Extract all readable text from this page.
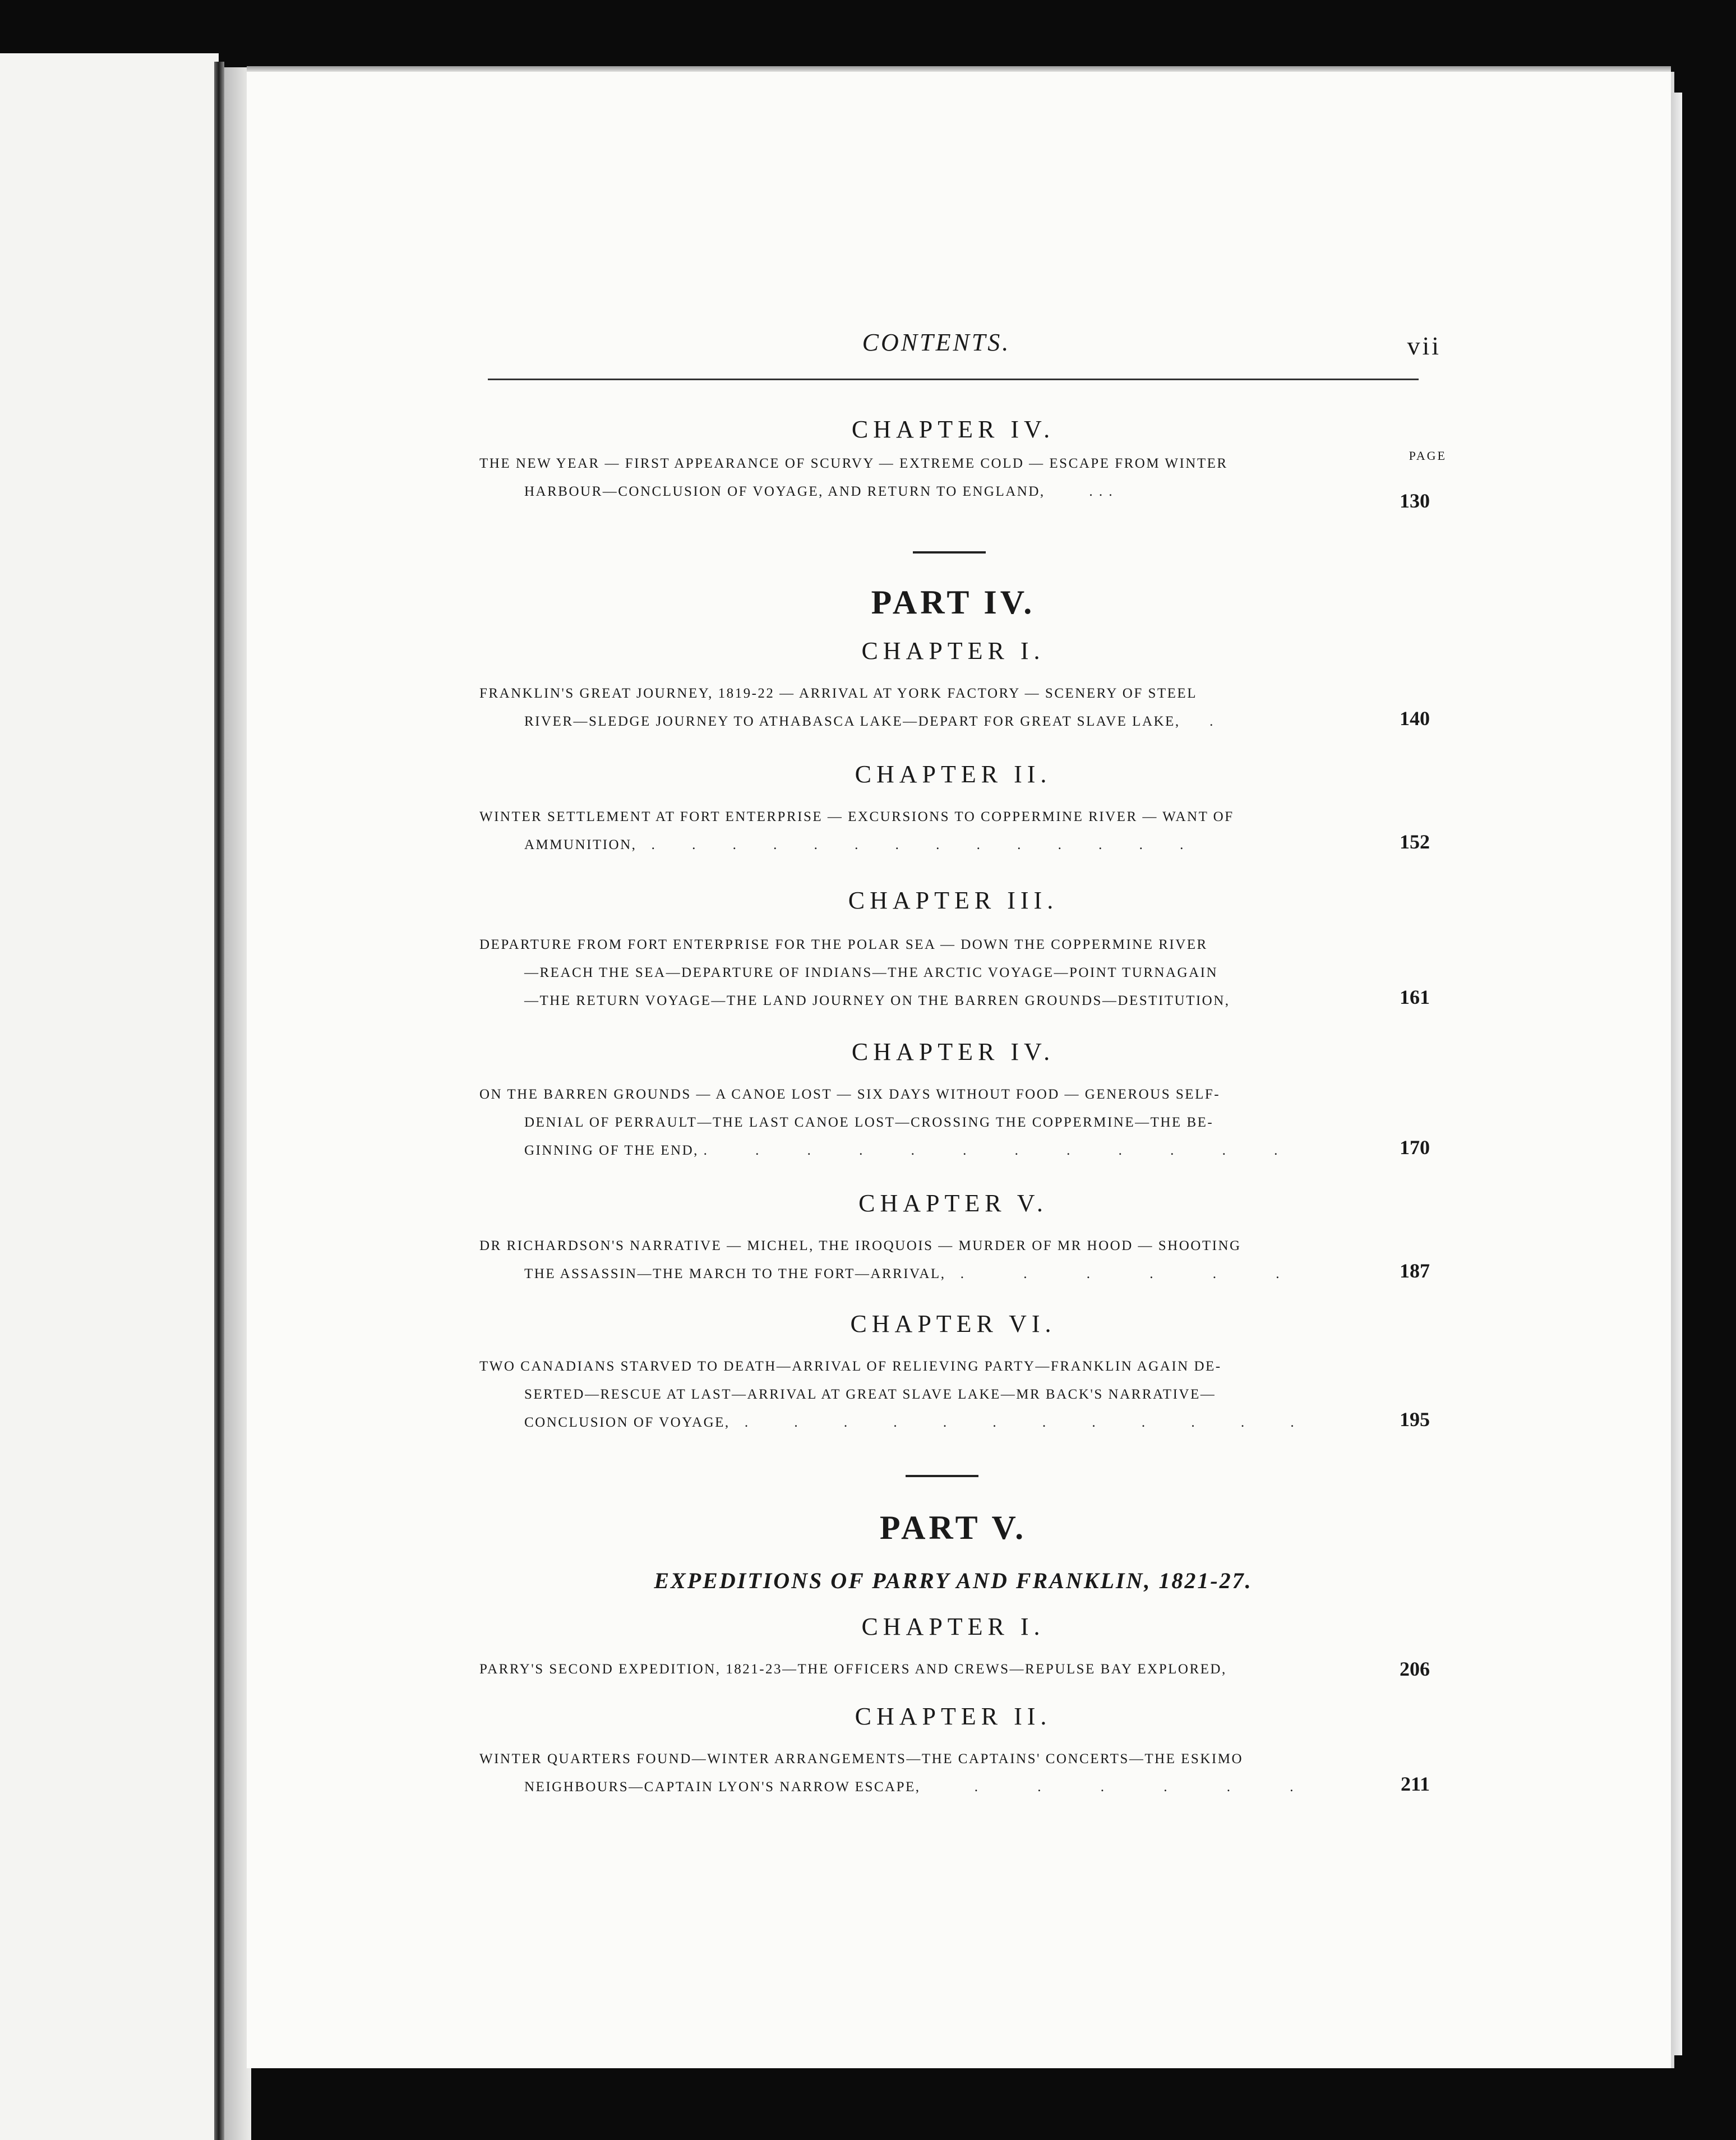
CONTENTS.	vii
PAGE
CHAPTER IV.
THE NEW YEAR — FIRST APPEARANCE OF SCURVY — EXTREME COLD — ESCAPE FROM WINTER
HARBOUR—CONCLUSION OF VOYAGE, AND RETURN TO ENGLAND,	. . .	130
PART IV.
CHAPTER I.
FRANKLIN'S GREAT JOURNEY, 1819-22 — ARRIVAL AT YORK FACTORY — SCENERY OF STEEL
RIVER—SLEDGE JOURNEY TO ATHABASCA LAKE—DEPART FOR GREAT SLAVE LAKE, .	140
CHAPTER II.
WINTER SETTLEMENT AT FORT ENTERPRISE — EXCURSIONS TO COPPERMINE RIVER — WANT OF
AMMUNITION, . . . . . . . . . . . . . .	152
CHAPTER III.
DEPARTURE FROM FORT ENTERPRISE FOR THE POLAR SEA — DOWN THE COPPERMINE RIVER
—REACH THE SEA—DEPARTURE OF INDIANS—THE ARCTIC VOYAGE—POINT TURNAGAIN
—THE RETURN VOYAGE—THE LAND JOURNEY ON THE BARREN GROUNDS—DESTITUTION,	161
CHAPTER IV.
ON THE BARREN GROUNDS — A CANOE LOST — SIX DAYS WITHOUT FOOD — GENEROUS SELF-
DENIAL OF PERRAULT—THE LAST CANOE LOST—CROSSING THE COPPERMINE—THE BE-
GINNING OF THE END, . . . . . . . . . . . .	170
CHAPTER V.
DR RICHARDSON'S NARRATIVE — MICHEL, THE IROQUOIS — MURDER OF MR HOOD — SHOOTING
THE ASSASSIN—THE MARCH TO THE FORT—ARRIVAL, . . . . . .	187
CHAPTER VI.
TWO CANADIANS STARVED TO DEATH—ARRIVAL OF RELIEVING PARTY—FRANKLIN AGAIN DE-
SERTED—RESCUE AT LAST—ARRIVAL AT GREAT SLAVE LAKE—MR BACK'S NARRATIVE—
CONCLUSION OF VOYAGE, . . . . . . . . . . . .	195
PART V.
EXPEDITIONS OF PARRY AND FRANKLIN, 1821-27.
CHAPTER I.
PARRY'S SECOND EXPEDITION, 1821-23—THE OFFICERS AND CREWS—REPULSE BAY EXPLORED,	206
CHAPTER II.
WINTER QUARTERS FOUND—WINTER ARRANGEMENTS—THE CAPTAINS' CONCERTS—THE ESKIMO
NEIGHBOURS—CAPTAIN LYON'S NARROW ESCAPE,	. . . . . .	211
